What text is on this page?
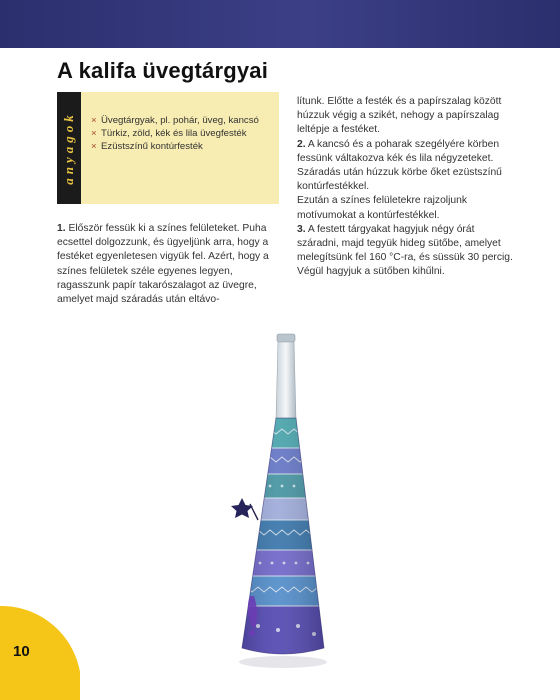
A kalifa üvegtárgyai
anyagok × Üvegtárgyak, pl. pohár, üveg, kancsó
× Türkiz, zöld, kék és lila üvegfesték
× Ezüstszínű kontúrfesték

1. Először fessük ki a színes felületeket. Puha ecsettel dolgozzunk, és ügyeljünk arra, hogy a festéket egyenletesen vigyük fel. Azért, hogy a színes felületek széle egyenes legyen, ragasszunk papír takarószalagot az üvegre, amelyet majd száradás után eltávo-

lítunk. Előtte a festék és a papírszalag között húzzuk végig a szikét, nehogy a papírszalag leltépje a festéket.

2. A kancsó és a poharak szegélyére körben fessünk váltakozva kék és lila négyzeteket.

Száradás után húzzuk körbe őket ezüstszínű kontúrfestékkel.

Ezután a színes felületekre rajzoljunk motívumokat a kontúrfestékkel.

3. A festett tárgyakat hagyjuk négy órát száradni, majd tegyük hideg sütőbe, amelyet melegítsünk fel 160 °C-ra, és süssük 30 percig.

Végül hagyjuk a sütőben kihűlni.

10
